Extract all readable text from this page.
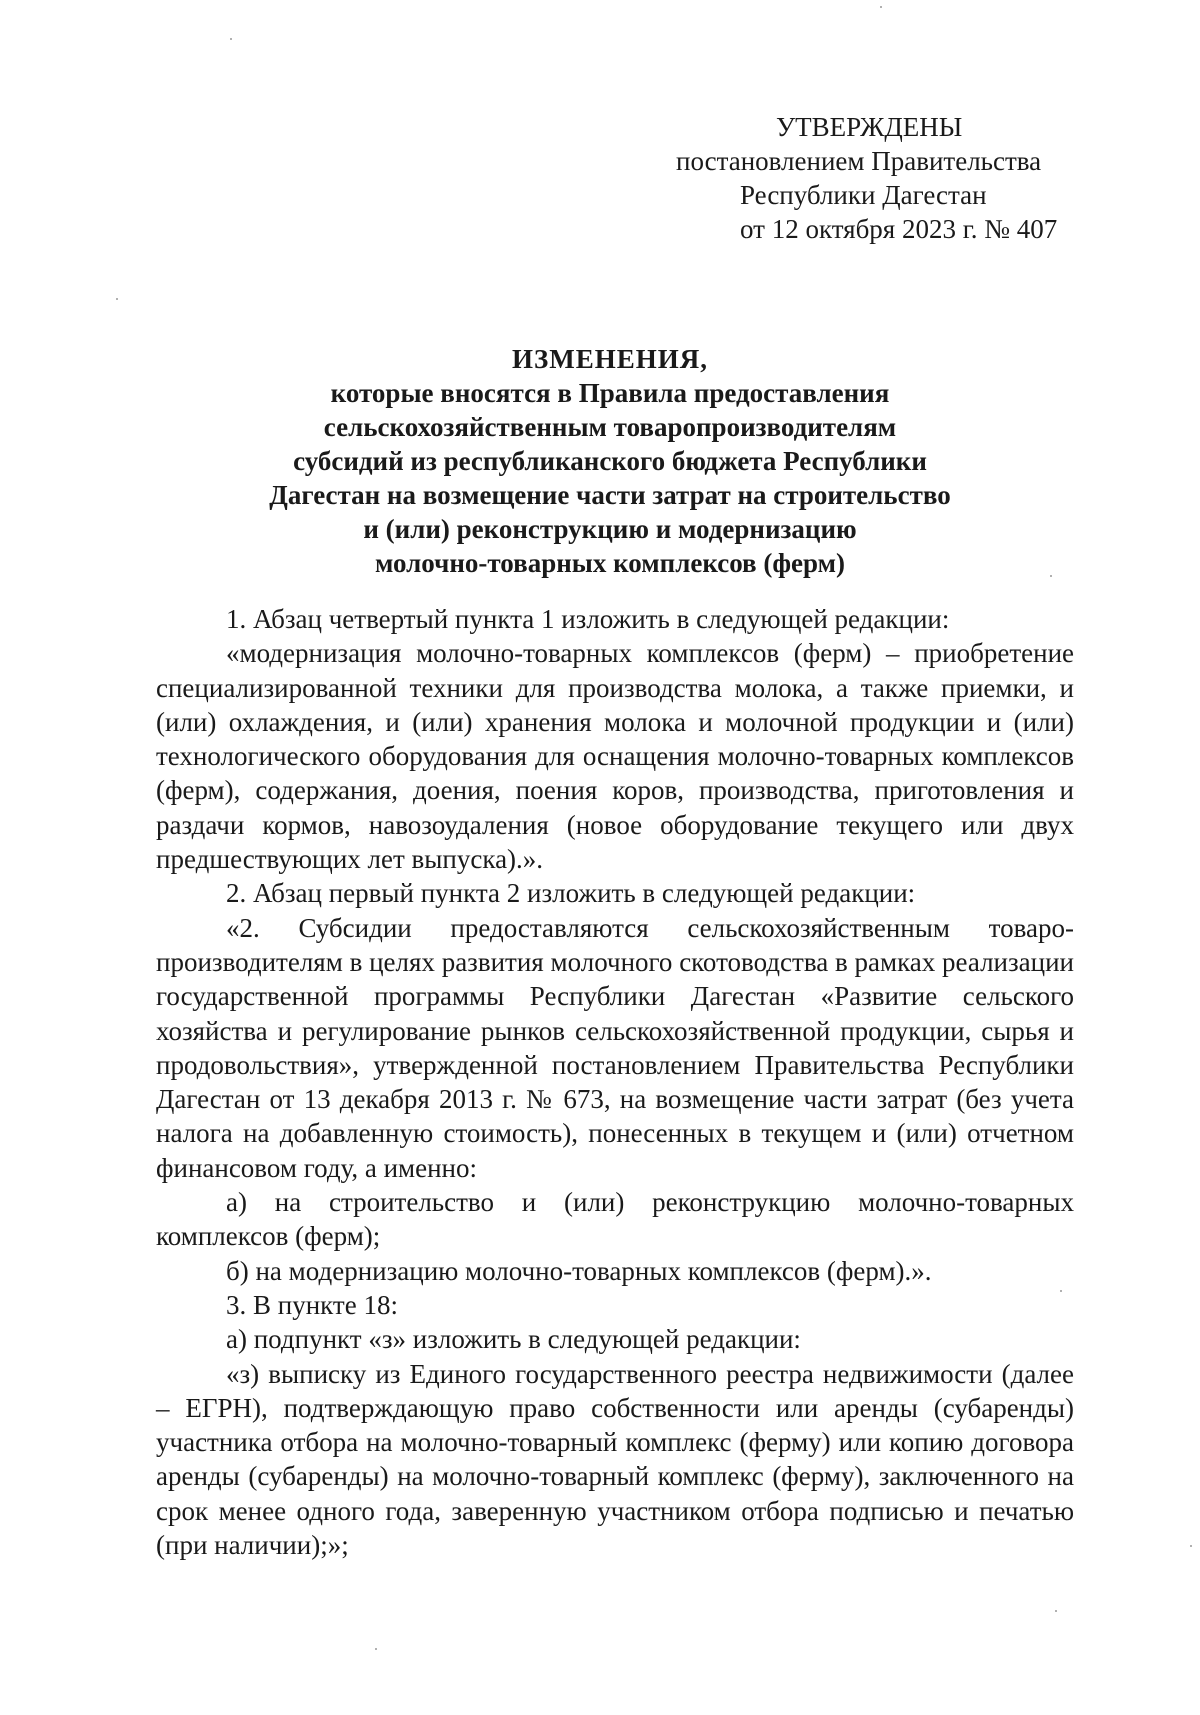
УТВЕРЖДЕНЫ
постановлением Правительства
Республики Дагестан
от 12 октября 2023 г. № 407
ИЗМЕНЕНИЯ,
которые вносятся в Правила предоставления
сельскохозяйственным товаропроизводителям
субсидий из республиканского бюджета Республики
Дагестан на возмещение части затрат на строительство
и (или) реконструкцию и модернизацию
молочно-товарных комплексов (ферм)

1. Абзац четвертый пункта 1 изложить в следующей редакции:

«модернизация молочно-товарных комплексов (ферм) – приобретение специализированной техники для производства молока, а также приемки, и (или) охлаждения, и (или) хранения молока и молочной продукции и (или) технологического оборудования для оснащения молочно-товарных комплексов (ферм), содержания, доения, поения коров, производства, приготовления и раздачи кормов, навозоудаления (новое оборудование текущего или двух предшествующих лет выпуска).».

2. Абзац первый пункта 2 изложить в следующей редакции:

«2. Субсидии предоставляются сельскохозяйственным товаро-производителям в целях развития молочного скотоводства в рамках реализации государственной программы Республики Дагестан «Развитие сельского хозяйства и регулирование рынков сельскохозяйственной продукции, сырья и продовольствия», утвержденной постановлением Правительства Республики Дагестан от 13 декабря 2013 г. № 673, на возмещение части затрат (без учета налога на добавленную стоимость), понесенных в текущем и (или) отчетном финансовом году, а именно:

а) на строительство и (или) реконструкцию молочно-товарных комплексов (ферм);

б) на модернизацию молочно-товарных комплексов (ферм).».

3. В пункте 18:

а) подпункт «з» изложить в следующей редакции:

«з) выписку из Единого государственного реестра недвижимости (далее – ЕГРН), подтверждающую право собственности или аренды (субаренды) участника отбора на молочно-товарный комплекс (ферму) или копию договора аренды (субаренды) на молочно-товарный комплекс (ферму), заключенного на срок менее одного года, заверенную участником отбора подписью и печатью (при наличии);»;
